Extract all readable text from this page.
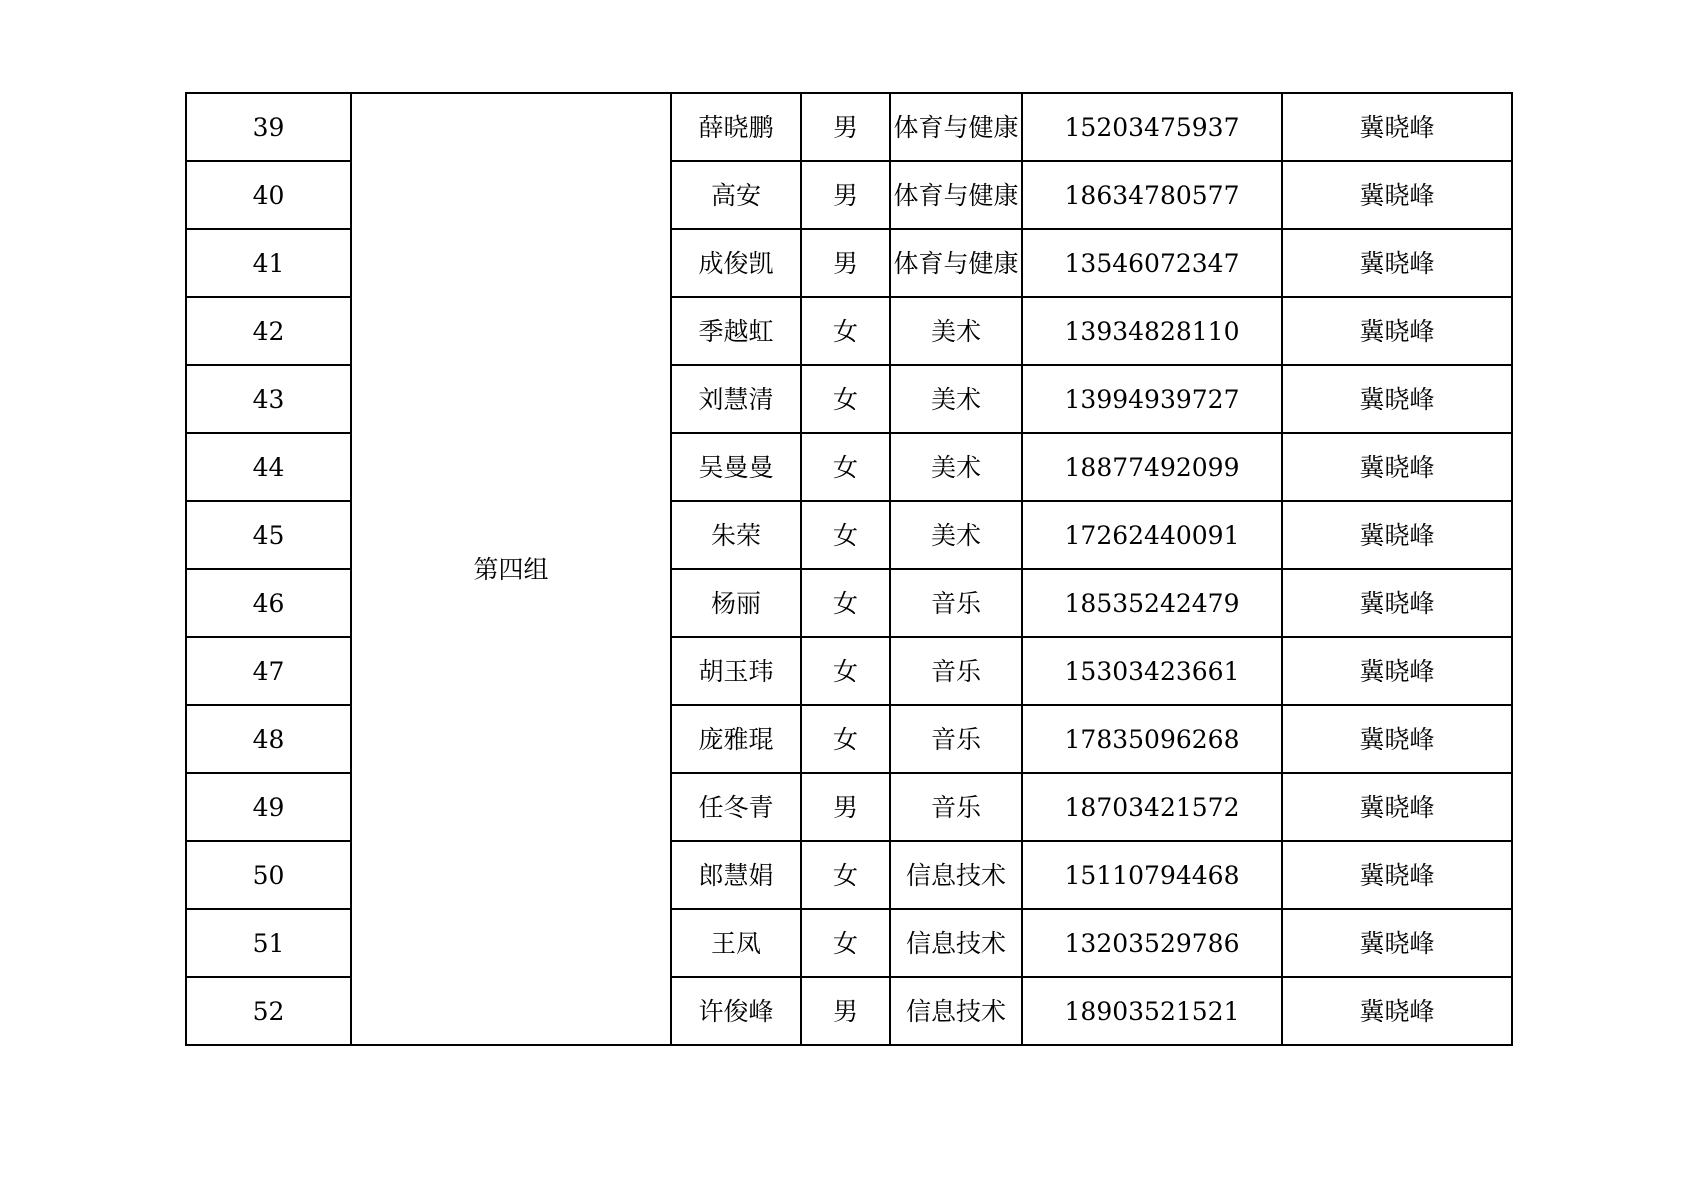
39	第四组	薛晓鹏	男	体育与健康	15203475937	冀晓峰
40		高安	男	体育与健康	18634780577	冀晓峰
41		成俊凯	男	体育与健康	13546072347	冀晓峰
42		季越虹	女	美术	13934828110	冀晓峰
43		刘慧清	女	美术	13994939727	冀晓峰
44		吴曼曼	女	美术	18877492099	冀晓峰
45		朱荣	女	美术	17262440091	冀晓峰
46		杨丽	女	音乐	18535242479	冀晓峰
47		胡玉玮	女	音乐	15303423661	冀晓峰
48		庞雅琨	女	音乐	17835096268	冀晓峰
49		任冬青	男	音乐	18703421572	冀晓峰
50		郎慧娟	女	信息技术	15110794468	冀晓峰
51		王凤	女	信息技术	13203529786	冀晓峰
52		许俊峰	男	信息技术	18903521521	冀晓峰
